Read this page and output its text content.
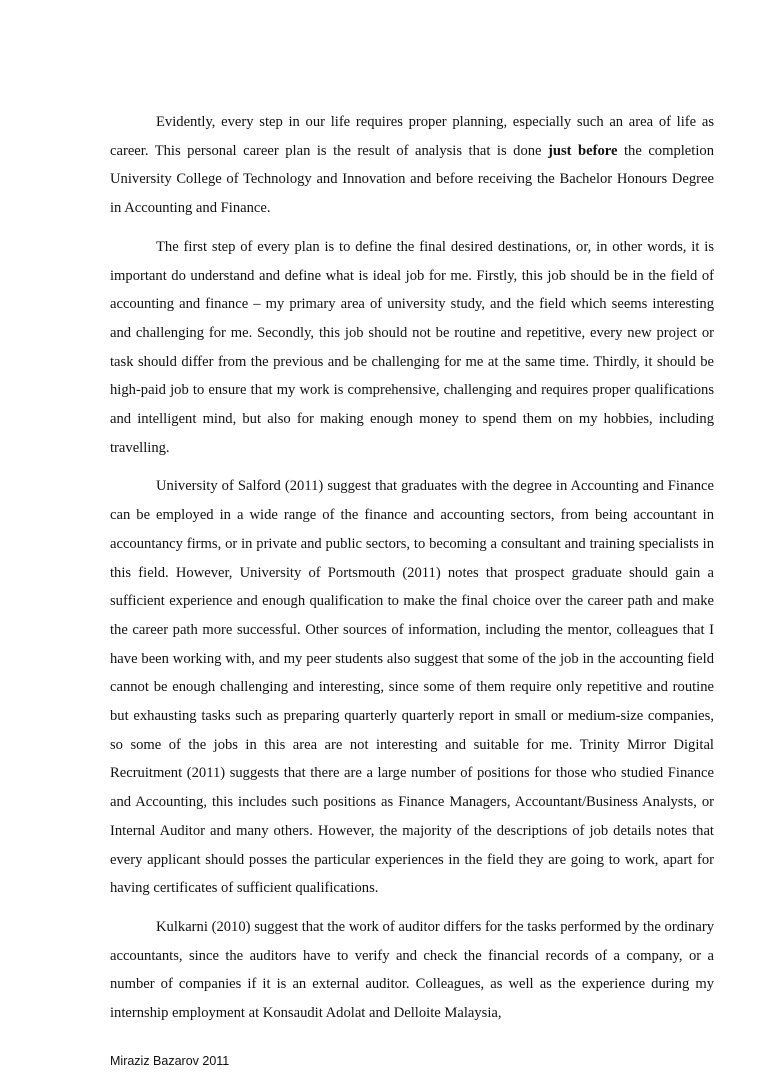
Evidently, every step in our life requires proper planning, especially such an area of life as career. This personal career plan is the result of analysis that is done just before the completion University College of Technology and Innovation and before receiving the Bachelor Honours Degree in Accounting and Finance.

The first step of every plan is to define the final desired destinations, or, in other words, it is important do understand and define what is ideal job for me. Firstly, this job should be in the field of accounting and finance – my primary area of university study, and the field which seems interesting and challenging for me. Secondly, this job should not be routine and repetitive, every new project or task should differ from the previous and be challenging for me at the same time. Thirdly, it should be high-paid job to ensure that my work is comprehensive, challenging and requires proper qualifications and intelligent mind, but also for making enough money to spend them on my hobbies, including travelling.

University of Salford (2011) suggest that graduates with the degree in Accounting and Finance can be employed in a wide range of the finance and accounting sectors, from being accountant in accountancy firms, or in private and public sectors, to becoming a consultant and training specialists in this field. However, University of Portsmouth (2011) notes that prospect graduate should gain a sufficient experience and enough qualification to make the final choice over the career path and make the career path more successful. Other sources of information, including the mentor, colleagues that I have been working with, and my peer students also suggest that some of the job in the accounting field cannot be enough challenging and interesting, since some of them require only repetitive and routine but exhausting tasks such as preparing quarterly quarterly report in small or medium-size companies, so some of the jobs in this area are not interesting and suitable for me. Trinity Mirror Digital Recruitment (2011) suggests that there are a large number of positions for those who studied Finance and Accounting, this includes such positions as Finance Managers, Accountant/Business Analysts, or Internal Auditor and many others. However, the majority of the descriptions of job details notes that every applicant should posses the particular experiences in the field they are going to work, apart for having certificates of sufficient qualifications.

Kulkarni (2010) suggest that the work of auditor differs for the tasks performed by the ordinary accountants, since the auditors have to verify and check the financial records of a company, or a number of companies if it is an external auditor. Colleagues, as well as the experience during my internship employment at Konsaudit Adolat and Delloite Malaysia,

Miraziz Bazarov 2011
